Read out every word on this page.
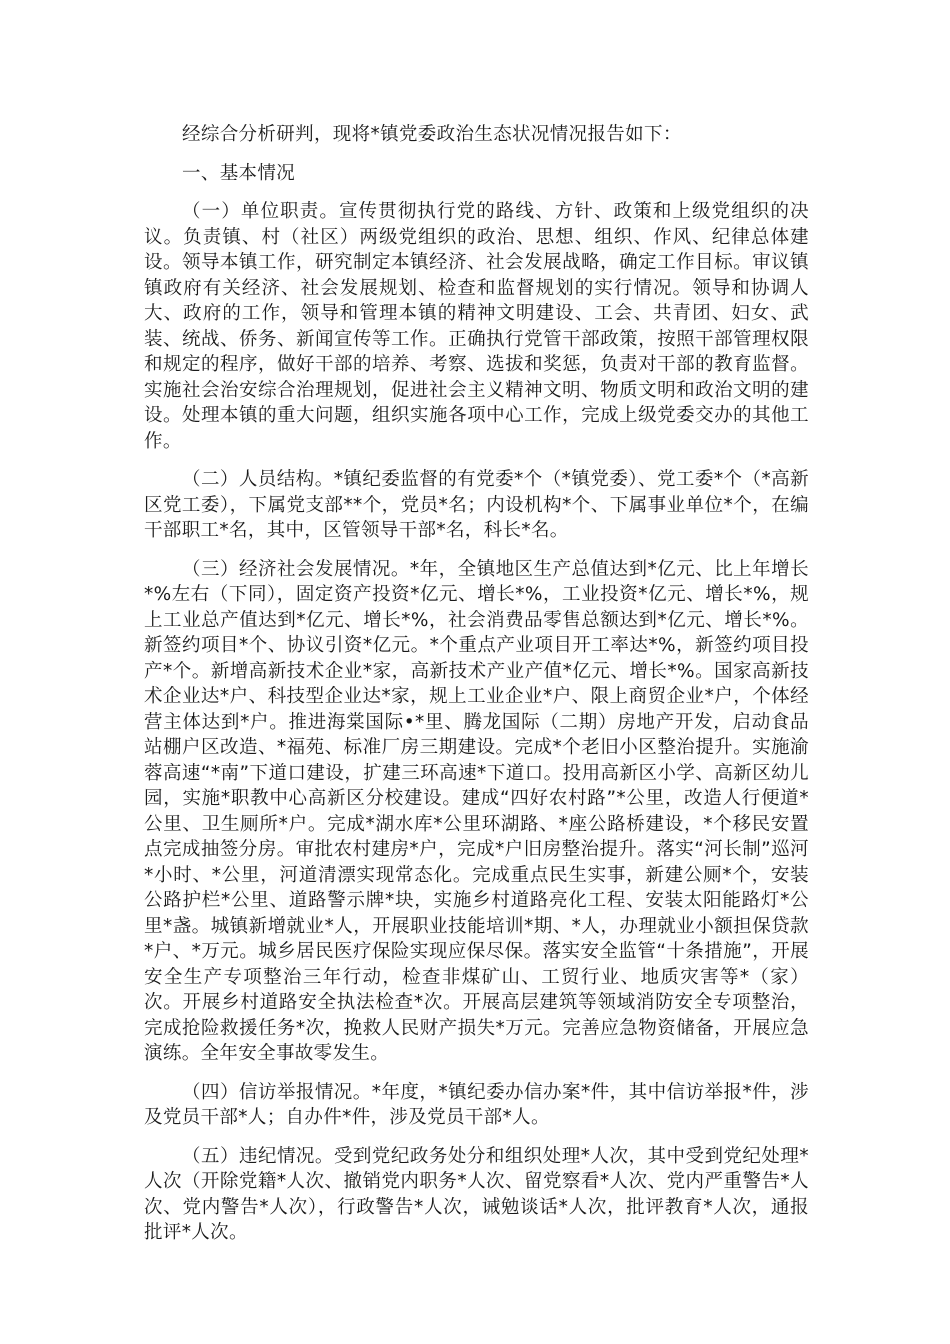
经综合分析研判，现将*镇党委政治生态状况情况报告如下：

一、基本情况

（一）单位职责。宣传贯彻执行党的路线、方针、政策和上级党组织的决议。负责镇、村（社区）两级党组织的政治、思想、组织、作风、纪律总体建设。领导本镇工作，研究制定本镇经济、社会发展战略，确定工作目标。审议镇镇政府有关经济、社会发展规划、检查和监督规划的实行情况。领导和协调人大、政府的工作，领导和管理本镇的精神文明建设、工会、共青团、妇女、武装、统战、侨务、新闻宣传等工作。正确执行党管干部政策，按照干部管理权限和规定的程序，做好干部的培养、考察、选拔和奖惩，负责对干部的教育监督。实施社会治安综合治理规划，促进社会主义精神文明、物质文明和政治文明的建设。处理本镇的重大问题，组织实施各项中心工作，完成上级党委交办的其他工作。

（二）人员结构。*镇纪委监督的有党委*个（*镇党委）、党工委*个（*高新区党工委），下属党支部**个，党员*名；内设机构*个、下属事业单位*个，在编干部职工*名，其中，区管领导干部*名，科长*名。

（三）经济社会发展情况。*年，全镇地区生产总值达到*亿元、比上年增长*%左右（下同），固定资产投资*亿元、增长*%，工业投资*亿元、增长*%，规上工业总产值达到*亿元、增长*%，社会消费品零售总额达到*亿元、增长*%。新签约项目*个、协议引资*亿元。*个重点产业项目开工率达*%，新签约项目投产*个。新增高新技术企业*家，高新技术产业产值*亿元、增长*%。国家高新技术企业达*户、科技型企业达*家，规上工业企业*户、限上商贸企业*户，个体经营主体达到*户。推进海棠国际•*里、腾龙国际（二期）房地产开发，启动食品站棚户区改造、*福苑、标准厂房三期建设。完成*个老旧小区整治提升。实施渝蓉高速“*南”下道口建设，扩建三环高速*下道口。投用高新区小学、高新区幼儿园，实施*职教中心高新区分校建设。建成“四好农村路”*公里，改造人行便道*公里、卫生厕所*户。完成*湖水库*公里环湖路、*座公路桥建设，*个移民安置点完成抽签分房。审批农村建房*户，完成*户旧房整治提升。落实“河长制”巡河*小时、*公里，河道清漂实现常态化。完成重点民生实事，新建公厕*个，安装公路护栏*公里、道路警示牌*块，实施乡村道路亮化工程、安装太阳能路灯*公里*盏。城镇新增就业*人，开展职业技能培训*期、*人，办理就业小额担保贷款*户、*万元。城乡居民医疗保险实现应保尽保。落实安全监管“十条措施”，开展安全生产专项整治三年行动，检查非煤矿山、工贸行业、地质灾害等*（家）次。开展乡村道路安全执法检查*次。开展高层建筑等领域消防安全专项整治，完成抢险救援任务*次，挽救人民财产损失*万元。完善应急物资储备，开展应急演练。全年安全事故零发生。

（四）信访举报情况。*年度，*镇纪委办信办案*件，其中信访举报*件，涉及党员干部*人；自办件*件，涉及党员干部*人。

（五）违纪情况。受到党纪政务处分和组织处理*人次，其中受到党纪处理*人次（开除党籍*人次、撤销党内职务*人次、留党察看*人次、党内严重警告*人次、党内警告*人次），行政警告*人次，诫勉谈话*人次，批评教育*人次，通报批评*人次。
